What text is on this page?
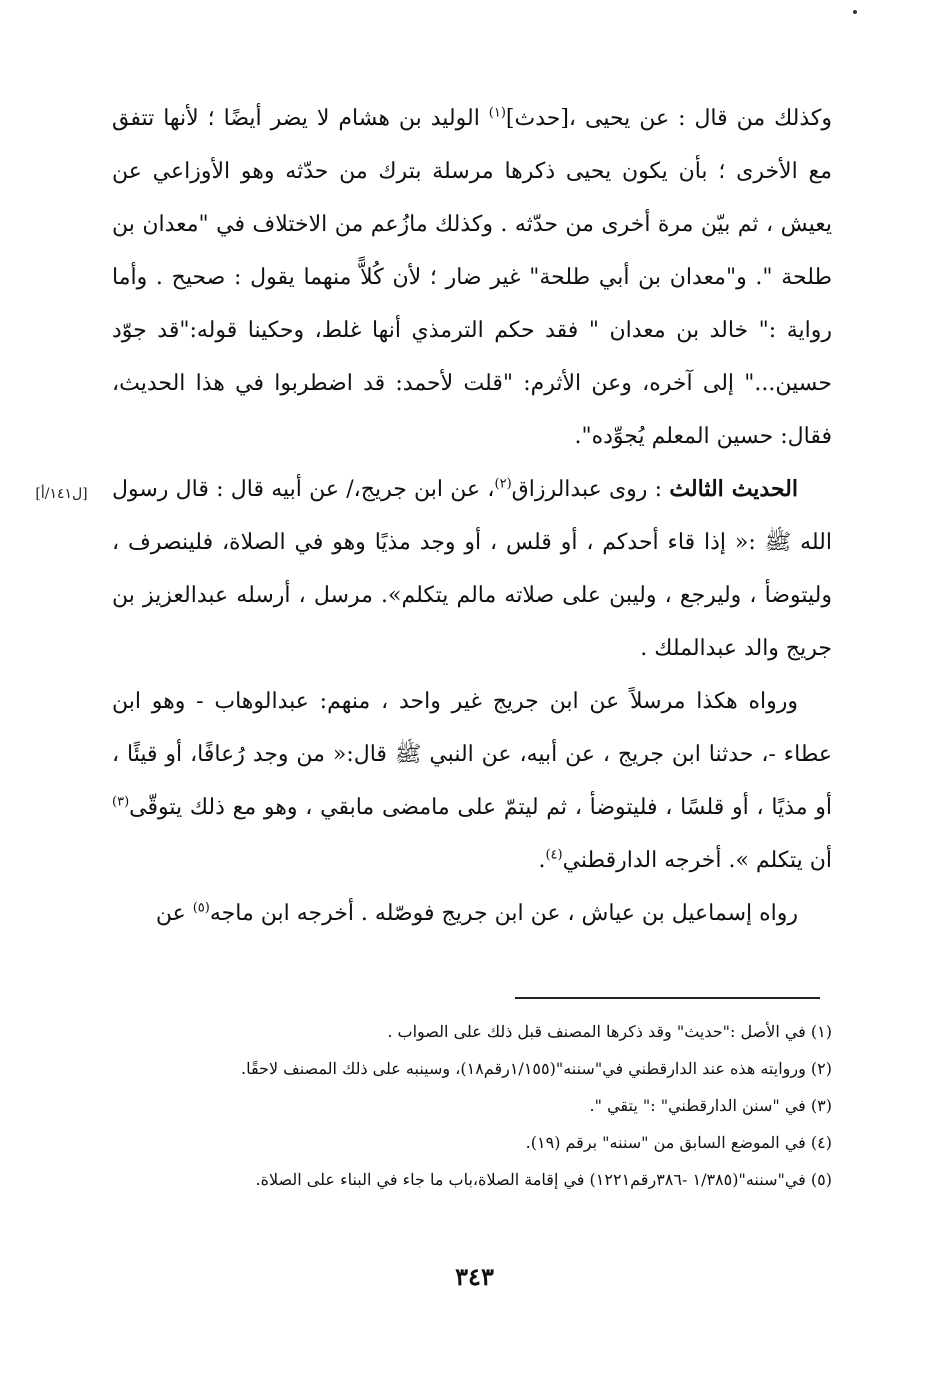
[ل١٤١/أ]

وكذلك من قال : عن يحيى ،[حدث]$^{(١)}$ الوليد بن هشام لا يضر أيضًا ؛ لأنها تتفق مع الأخرى ؛ بأن يكون يحيى ذكرها مرسلة بترك من حدّثه وهو الأوزاعي عن يعيش ، ثم بيّن مرة أخرى من حدّثه . وكذلك مازُعم من الاختلاف في "معدان بن طلحة ". و"معدان بن أبي طلحة" غير ضار ؛ لأن كُلاًّ منهما يقول : صحيح . وأما رواية :" خالد بن معدان " فقد حكم الترمذي أنها غلط، وحكينا قوله:"قد جوّد حسين..." إلى آخره، وعن الأثرم: "قلت لأحمد: قد اضطربوا في هذا الحديث، فقال: حسين المعلم يُجوِّده".

الحديث الثالث : روى عبدالرزاق$^{(٢)}$، عن ابن جريج،/ عن أبيه قال : قال رسول الله ﷺ :« إذا قاء أحدكم ، أو قلس ، أو وجد مذيًا وهو في الصلاة، فلينصرف ، وليتوضأ ، وليرجع ، وليبن على صلاته مالم يتكلم». مرسل ، أرسله عبدالعزيز بن جريج والد عبدالملك .

ورواه هكذا مرسلاً عن ابن جريج غير واحد ، منهم: عبدالوهاب - وهو ابن عطاء -، حدثنا ابن جريج ، عن أبيه، عن النبي ﷺ قال:« من وجد رُعافًا، أو قيئًا ، أو مذيًا ، أو قلسًا ، فليتوضأ ، ثم ليتمّ على مامضى مابقي ، وهو مع ذلك يتوقّى$^{(٣)}$ أن يتكلم ». أخرجه الدارقطني$^{(٤)}$.

رواه إسماعيل بن عياش ، عن ابن جريج فوصّله . أخرجه ابن ماجه$^{(٥)}$ عن

(١) في الأصل :"حديث" وقد ذكرها المصنف قبل ذلك على الصواب .

(٢) وروايته هذه عند الدارقطني في"سننه"(١/١٥٥رقم١٨)، وسينبه على ذلك المصنف لاحقًا.

(٣) في "سنن الدارقطني" :" يتقي ".

(٤) في الموضع السابق من "سننه" برقم (١٩).

(٥) في"سننه"(١/٣٨٥ -٣٨٦رقم١٢٢١) في إقامة الصلاة،باب ما جاء في البناء على الصلاة.

٣٤٣
